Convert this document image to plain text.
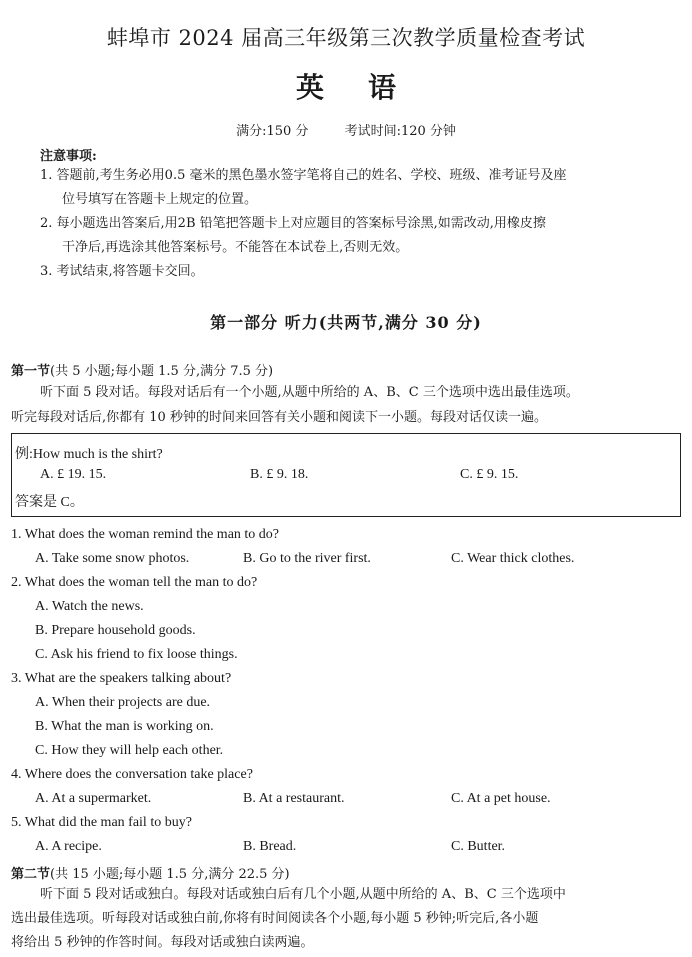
蚌埠市 2024 届高三年级第三次教学质量检查考试
英语
满分:150 分	考试时间:120 分钟
注意事项:
1. 答题前,考生务必用0.5 毫米的黑色墨水签字笔将自己的姓名、学校、班级、准考证号及座
位号填写在答题卡上规定的位置。
2. 每小题选出答案后,用2B 铅笔把答题卡上对应题目的答案标号涂黑,如需改动,用橡皮擦
干净后,再选涂其他答案标号。不能答在本试卷上,否则无效。
3. 考试结束,将答题卡交回。
第一部分 听力(共两节,满分 30 分)
第一节(共 5 小题;每小题 1.5 分,满分 7.5 分)
听下面 5 段对话。每段对话后有一个小题,从题中所给的 A、B、C 三个选项中选出最佳选项。
听完每段对话后,你都有 10 秒钟的时间来回答有关小题和阅读下一小题。每段对话仅读一遍。
例:How much is the shirt?
A. £ 19. 15.	B. £ 9. 18.	C. £ 9. 15.
答案是 C。
1. What does the woman remind the man to do?
A. Take some snow photos.	B. Go to the river first.	C. Wear thick clothes.
2. What does the woman tell the man to do?
A. Watch the news.
B. Prepare household goods.
C. Ask his friend to fix loose things.
3. What are the speakers talking about?
A. When their projects are due.
B. What the man is working on.
C. How they will help each other.
4. Where does the conversation take place?
A. At a supermarket.	B. At a restaurant.	C. At a pet house.
5. What did the man fail to buy?
A. A recipe.	B. Bread.	C. Butter.
第二节(共 15 小题;每小题 1.5 分,满分 22.5 分)
听下面 5 段对话或独白。每段对话或独白后有几个小题,从题中所给的 A、B、C 三个选项中
选出最佳选项。听每段对话或独白前,你将有时间阅读各个小题,每小题 5 秒钟;听完后,各小题
将给出 5 秒钟的作答时间。每段对话或独白读两遍。
